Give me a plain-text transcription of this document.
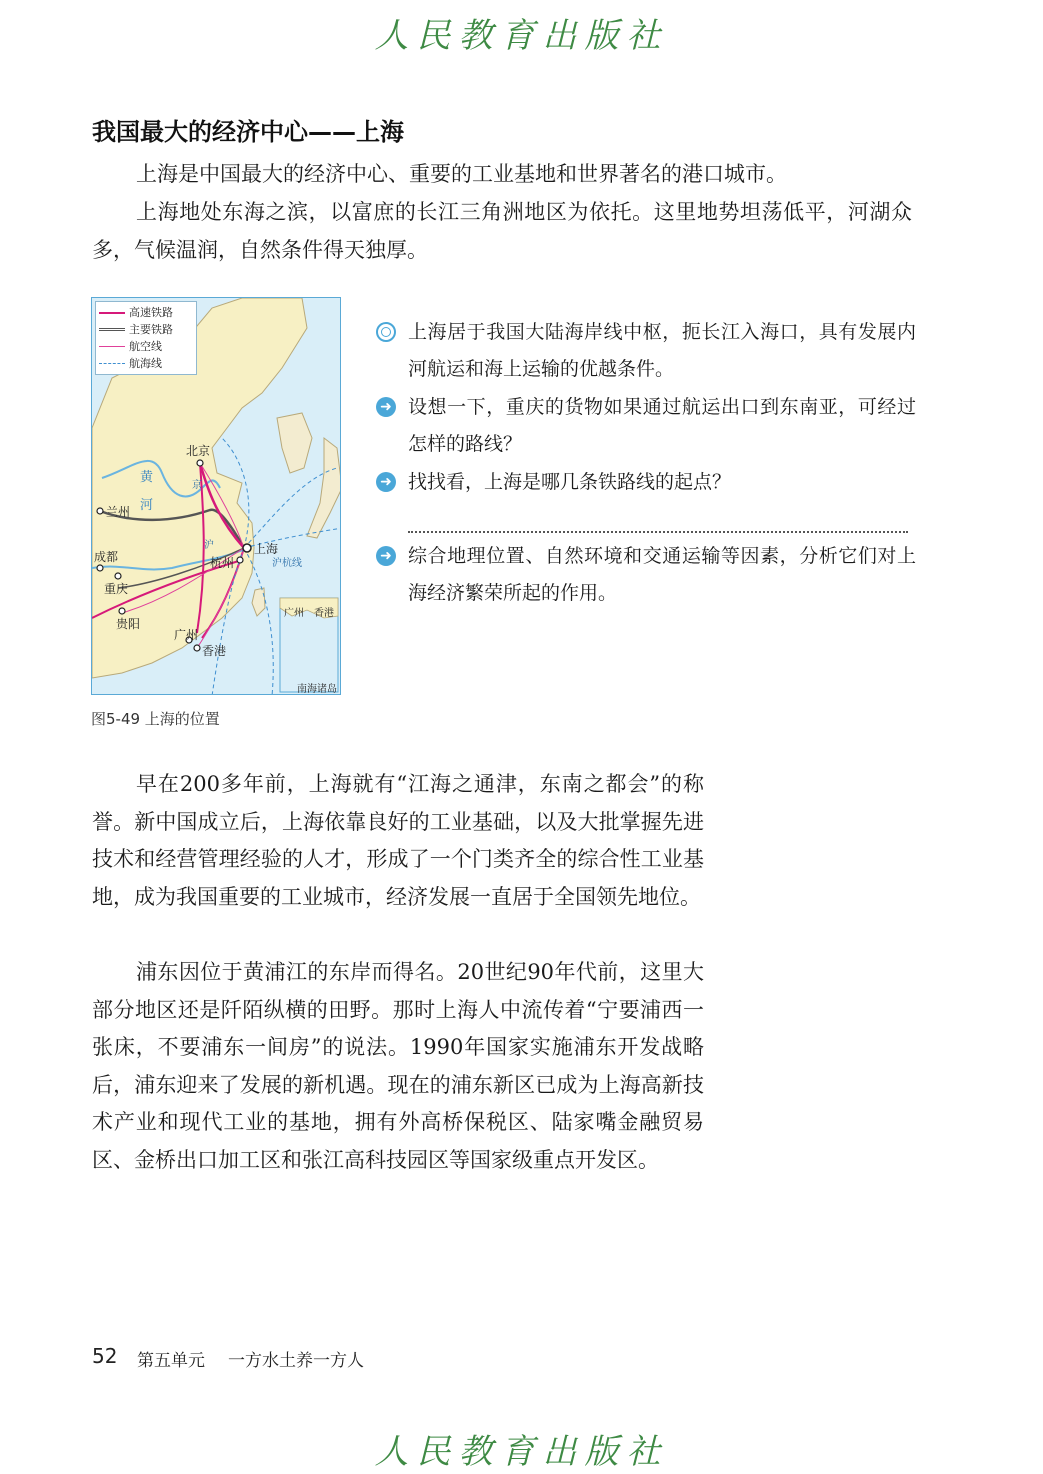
人民教育出版社
我国最大的经济中心——上海

上海是中国最大的经济中心、重要的工业基地和世界著名的港口城市。

上海地处东海之滨，以富庶的长江三角洲地区为依托。这里地势坦荡低平，河湖众多，气候温润，自然条件得天独厚。

高速铁路
主要铁路
航空线
航海线
北京
兰州
成都
重庆
贵阳
广州
香港
杭州
上海
黄
河
沪杭线
京
沪
广州 香港
南海诸岛

图5-49 上海的位置

上海居于我国大陆海岸线中枢，扼长江入海口，具有发展内河航运和海上运输的优越条件。
➜ 设想一下，重庆的货物如果通过航运出口到东南亚，可经过怎样的路线？
➜ 找找看，上海是哪几条铁路线的起点？
➜ 综合地理位置、自然环境和交通运输等因素，分析它们对上海经济繁荣所起的作用。

早在200多年前，上海就有“江海之通津，东南之都会”的称誉。新中国成立后，上海依靠良好的工业基础，以及大批掌握先进技术和经营管理经验的人才，形成了一个门类齐全的综合性工业基地，成为我国重要的工业城市，经济发展一直居于全国领先地位。

浦东因位于黄浦江的东岸而得名。20世纪90年代前，这里大部分地区还是阡陌纵横的田野。那时上海人中流传着“宁要浦西一张床，不要浦东一间房”的说法。1990年国家实施浦东开发战略后，浦东迎来了发展的新机遇。现在的浦东新区已成为上海高新技术产业和现代工业的基地，拥有外高桥保税区、陆家嘴金融贸易区、金桥出口加工区和张江高科技园区等国家级重点开发区。

52 第五单元 一方水土养一方人
人民教育出版社
